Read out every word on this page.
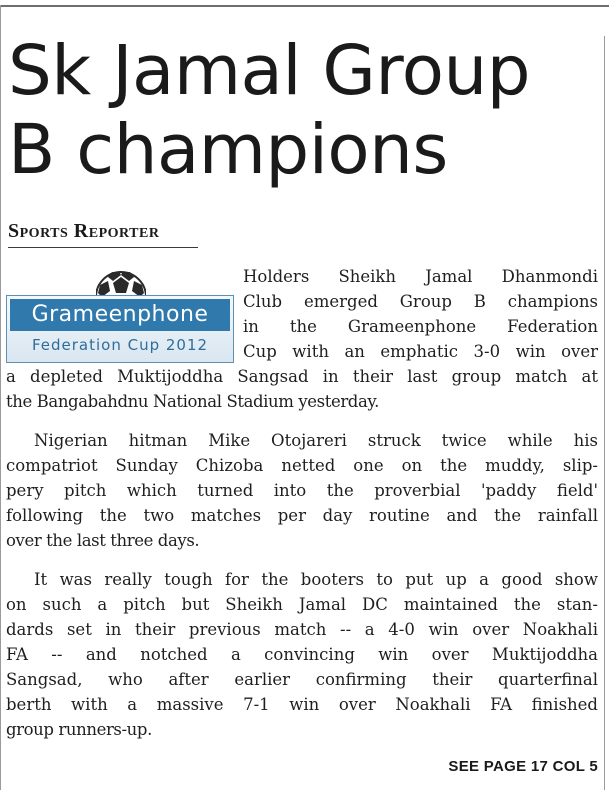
Sk Jamal Group B champions
Sports Reporter
Grameenphone
Federation Cup 2012
Holders Sheikh Jamal Dhanmondi
Club emerged Group B champions
in the Grameenphone Federation
Cup with an emphatic 3-0 win over
a depleted Muktijoddha Sangsad in their last group match at
the Bangabahdnu National Stadium yesterday.
Nigerian hitman Mike Otojareri struck twice while his
compatriot Sunday Chizoba netted one on the muddy, slip-
pery pitch which turned into the proverbial 'paddy field'
following the two matches per day routine and the rainfall
over the last three days.
It was really tough for the booters to put up a good show
on such a pitch but Sheikh Jamal DC maintained the stan-
dards set in their previous match -- a 4-0 win over Noakhali
FA -- and notched a convincing win over Muktijoddha
Sangsad, who after earlier confirming their quarterfinal
berth with a massive 7-1 win over Noakhali FA finished
group runners-up.
SEE PAGE 17 COL 5
